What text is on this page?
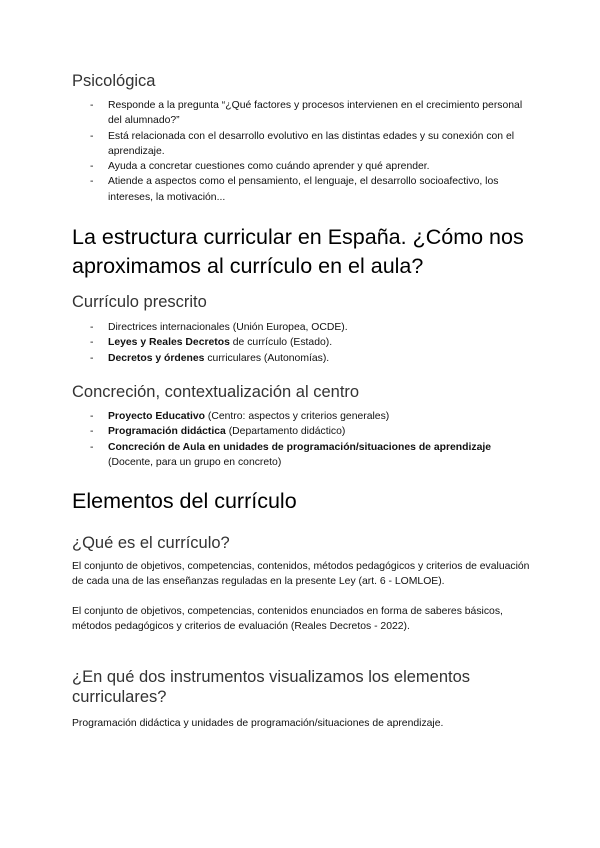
Psicológica
- Responde a la pregunta “¿Qué factores y procesos intervienen en el crecimiento personal del alumnado?”
- Está relacionada con el desarrollo evolutivo en las distintas edades y su conexión con el aprendizaje.
- Ayuda a concretar cuestiones como cuándo aprender y qué aprender.
- Atiende a aspectos como el pensamiento, el lenguaje, el desarrollo socioafectivo, los intereses, la motivación...
La estructura curricular en España. ¿Cómo nos aproximamos al currículo en el aula?
Currículo prescrito
- Directrices internacionales (Unión Europea, OCDE).
- Leyes y Reales Decretos de currículo (Estado).
- Decretos y órdenes curriculares (Autonomías).
Concreción, contextualización al centro
- Proyecto Educativo (Centro: aspectos y criterios generales)
- Programación didáctica (Departamento didáctico)
- Concreción de Aula en unidades de programación/situaciones de aprendizaje (Docente, para un grupo en concreto)
Elementos del currículo
¿Qué es el currículo?

El conjunto de objetivos, competencias, contenidos, métodos pedagógicos y criterios de evaluación de cada una de las enseñanzas reguladas en la presente Ley (art. 6 - LOMLOE).

El conjunto de objetivos, competencias, contenidos enunciados en forma de saberes básicos, métodos pedagógicos y criterios de evaluación (Reales Decretos - 2022).

¿En qué dos instrumentos visualizamos los elementos curriculares?

Programación didáctica y unidades de programación/situaciones de aprendizaje.
